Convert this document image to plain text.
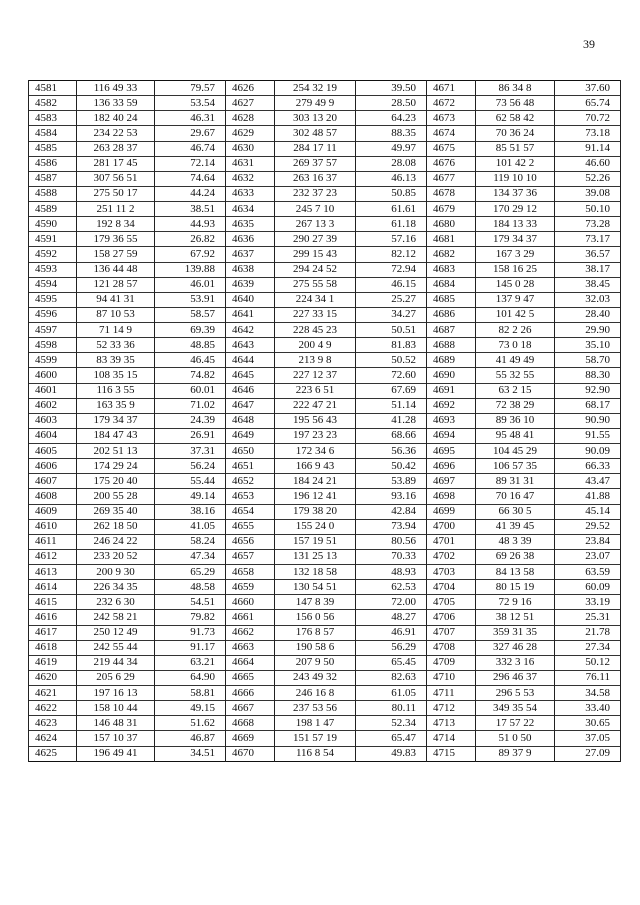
39
4581	116 49 33	79.57	4626	254 32 19	39.50	4671	86 34 8	37.60
4582	136 33 59	53.54	4627	279 49 9	28.50	4672	73 56 48	65.74
4583	182 40 24	46.31	4628	303 13 20	64.23	4673	62 58 42	70.72
4584	234 22 53	29.67	4629	302 48 57	88.35	4674	70 36 24	73.18
4585	263 28 37	46.74	4630	284 17 11	49.97	4675	85 51 57	91.14
4586	281 17 45	72.14	4631	269 37 57	28.08	4676	101 42 2	46.60
4587	307 56 51	74.64	4632	263 16 37	46.13	4677	119 10 10	52.26
4588	275 50 17	44.24	4633	232 37 23	50.85	4678	134 37 36	39.08
4589	251 11 2	38.51	4634	245 7 10	61.61	4679	170 29 12	50.10
4590	192 8 34	44.93	4635	267 13 3	61.18	4680	184 13 33	73.28
4591	179 36 55	26.82	4636	290 27 39	57.16	4681	179 34 37	73.17
4592	158 27 59	67.92	4637	299 15 43	82.12	4682	167 3 29	36.57
4593	136 44 48	139.88	4638	294 24 52	72.94	4683	158 16 25	38.17
4594	121 28 57	46.01	4639	275 55 58	46.15	4684	145 0 28	38.45
4595	94 41 31	53.91	4640	224 34 1	25.27	4685	137 9 47	32.03
4596	87 10 53	58.57	4641	227 33 15	34.27	4686	101 42 5	28.40
4597	71 14 9	69.39	4642	228 45 23	50.51	4687	82 2 26	29.90
4598	52 33 36	48.85	4643	200 4 9	81.83	4688	73 0 18	35.10
4599	83 39 35	46.45	4644	213 9 8	50.52	4689	41 49 49	58.70
4600	108 35 15	74.82	4645	227 12 37	72.60	4690	55 32 55	88.30
4601	116 3 55	60.01	4646	223 6 51	67.69	4691	63 2 15	92.90
4602	163 35 9	71.02	4647	222 47 21	51.14	4692	72 38 29	68.17
4603	179 34 37	24.39	4648	195 56 43	41.28	4693	89 36 10	90.90
4604	184 47 43	26.91	4649	197 23 23	68.66	4694	95 48 41	91.55
4605	202 51 13	37.31	4650	172 34 6	56.36	4695	104 45 29	90.09
4606	174 29 24	56.24	4651	166 9 43	50.42	4696	106 57 35	66.33
4607	175 20 40	55.44	4652	184 24 21	53.89	4697	89 31 31	43.47
4608	200 55 28	49.14	4653	196 12 41	93.16	4698	70 16 47	41.88
4609	269 35 40	38.16	4654	179 38 20	42.84	4699	66 30 5	45.14
4610	262 18 50	41.05	4655	155 24 0	73.94	4700	41 39 45	29.52
4611	246 24 22	58.24	4656	157 19 51	80.56	4701	48 3 39	23.84
4612	233 20 52	47.34	4657	131 25 13	70.33	4702	69 26 38	23.07
4613	200 9 30	65.29	4658	132 18 58	48.93	4703	84 13 58	63.59
4614	226 34 35	48.58	4659	130 54 51	62.53	4704	80 15 19	60.09
4615	232 6 30	54.51	4660	147 8 39	72.00	4705	72 9 16	33.19
4616	242 58 21	79.82	4661	156 0 56	48.27	4706	38 12 51	25.31
4617	250 12 49	91.73	4662	176 8 57	46.91	4707	359 31 35	21.78
4618	242 55 44	91.17	4663	190 58 6	56.29	4708	327 46 28	27.34
4619	219 44 34	63.21	4664	207 9 50	65.45	4709	332 3 16	50.12
4620	205 6 29	64.90	4665	243 49 32	82.63	4710	296 46 37	76.11
4621	197 16 13	58.81	4666	246 16 8	61.05	4711	296 5 53	34.58
4622	158 10 44	49.15	4667	237 53 56	80.11	4712	349 35 54	33.40
4623	146 48 31	51.62	4668	198 1 47	52.34	4713	17 57 22	30.65
4624	157 10 37	46.87	4669	151 57 19	65.47	4714	51 0 50	37.05
4625	196 49 41	34.51	4670	116 8 54	49.83	4715	89 37 9	27.09
